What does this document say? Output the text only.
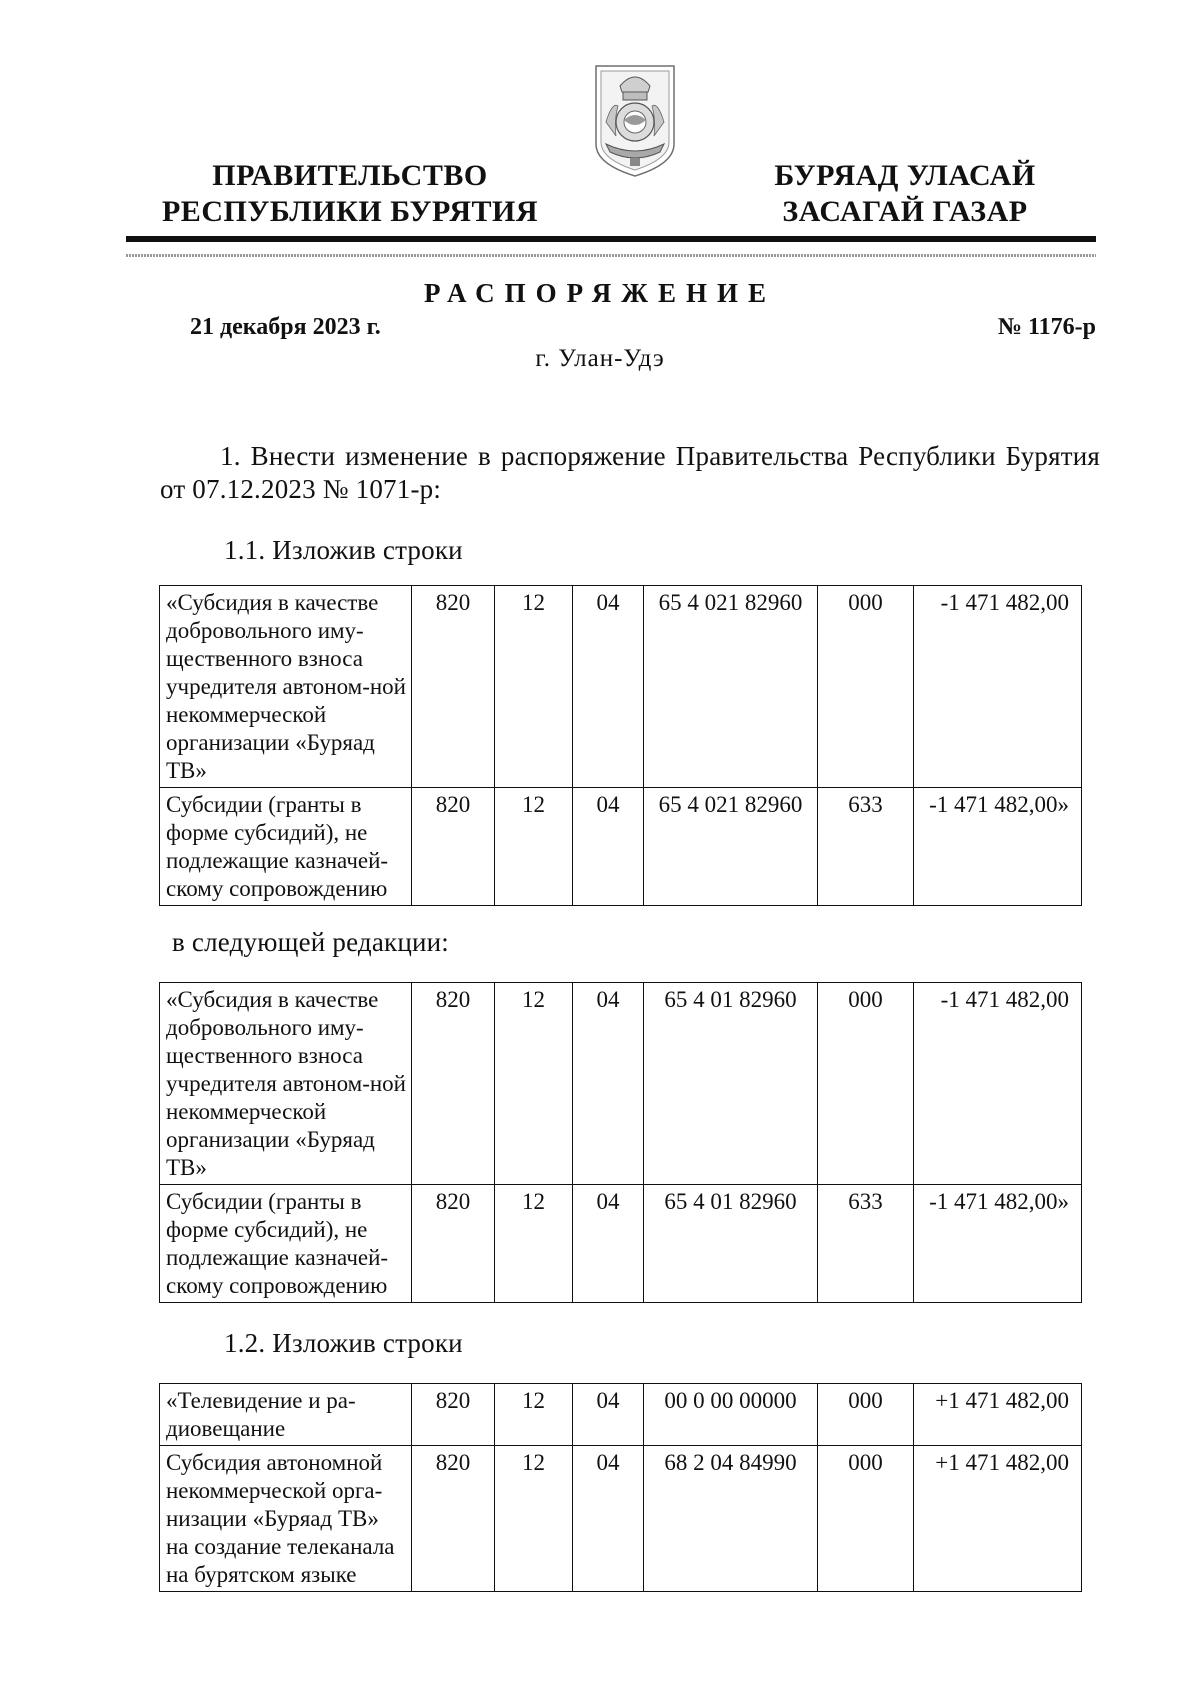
ПРАВИТЕЛЬСТВО
РЕСПУБЛИКИ БУРЯТИЯ
БУРЯАД УЛАСАЙ
ЗАСАГАЙ ГАЗАР
РАСПОРЯЖЕНИЕ
21 декабря 2023 г.	№ 1176-р
г. Улан-Удэ
1. Внести изменение в распоряжение Правительства Республики Бурятия от 07.12.2023 № 1071-р:
1.1. Изложив строки
«Субсидия в качестве добровольного иму-щественного взноса учредителя автоном-ной некоммерческой организации «Буряад ТВ»	820	12	04	65 4 021 82960	000	-1 471 482,00
Субсидии (гранты в форме субсидий), не подлежащие казначей-скому сопровождению	820	12	04	65 4 021 82960	633	-1 471 482,00»
в следующей редакции:
«Субсидия в качестве добровольного иму-щественного взноса учредителя автоном-ной некоммерческой организации «Буряад ТВ»	820	12	04	65 4 01 82960	000	-1 471 482,00
Субсидии (гранты в форме субсидий), не подлежащие казначей-скому сопровождению	820	12	04	65 4 01 82960	633	-1 471 482,00»
1.2. Изложив строки
«Телевидение и ра-диовещание	820	12	04	00 0 00 00000	000	+1 471 482,00
Субсидия автономной некоммерческой орга-низации «Буряад ТВ» на создание телеканала на бурятском языке	820	12	04	68 2 04 84990	000	+1 471 482,00
